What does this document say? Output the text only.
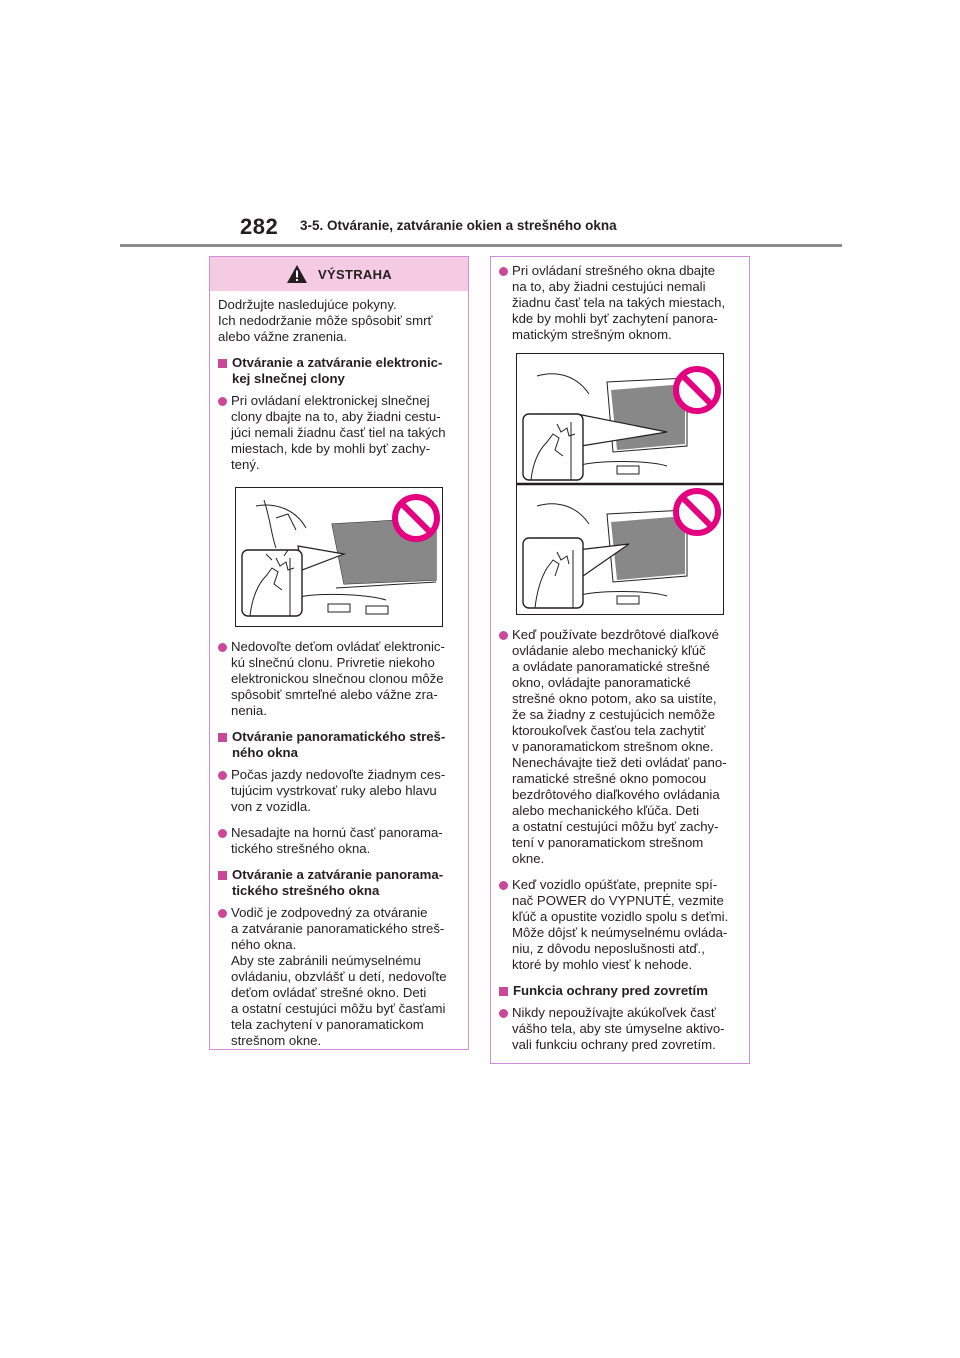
282 3-5. Otváranie, zatváranie okien a strešného okna
VÝSTRAHA
Dodržujte nasledujúce pokyny.
Ich nedodržanie môže spôsobiť smrť
alebo vážne zranenia.
Otváranie a zatváranie elektronic-
kej slnečnej clony
Pri ovládaní elektronickej slnečnej
clony dbajte na to, aby žiadni cestu-
júci nemali žiadnu časť tiel na takých
miestach, kde by mohli byť zachy-
tený.
Nedovoľte deťom ovládať elektronic-
kú slnečnú clonu. Privretie niekoho
elektronickou slnečnou clonou môže
spôsobiť smrteľné alebo vážne zra-
nenia.
Otváranie panoramatického streš-
ného okna
Počas jazdy nedovoľte žiadnym ces-
tujúcim vystrkovať ruky alebo hlavu
von z vozidla.
Nesadajte na hornú časť panorama-
tického strešného okna.
Otváranie a zatváranie panorama-
tického strešného okna
Vodič je zodpovedný za otváranie
a zatváranie panoramatického streš-
ného okna.
Aby ste zabránili neúmyselnému
ovládaniu, obzvlášť u detí, nedovoľte
deťom ovládať strešné okno. Deti
a ostatní cestujúci môžu byť časťami
tela zachytení v panoramatickom
strešnom okne.
Pri ovládaní strešného okna dbajte
na to, aby žiadni cestujúci nemali
žiadnu časť tela na takých miestach,
kde by mohli byť zachytení panora-
matickým strešným oknom.
Keď používate bezdrôtové diaľkové
ovládanie alebo mechanický kľúč
a ovládate panoramatické strešné
okno, ovládajte panoramatické
strešné okno potom, ako sa uistíte,
že sa žiadny z cestujúcich nemôže
ktoroukoľvek časťou tela zachytiť
v panoramatickom strešnom okne.
Nenechávajte tiež deti ovládať pano-
ramatické strešné okno pomocou
bezdrôtového diaľkového ovládania
alebo mechanického kľúča. Deti
a ostatní cestujúci môžu byť zachy-
tení v panoramatickom strešnom
okne.
Keď vozidlo opúšťate, prepnite spí-
nač POWER do VYPNUTÉ, vezmite
kľúč a opustite vozidlo spolu s deťmi.
Môže dôjsť k neúmyselnému ovláda-
niu, z dôvodu neposlušnosti atď.,
ktoré by mohlo viesť k nehode.
Funkcia ochrany pred zovretím
Nikdy nepoužívajte akúkoľvek časť
vášho tela, aby ste úmyselne aktivo-
vali funkciu ochrany pred zovretím.
